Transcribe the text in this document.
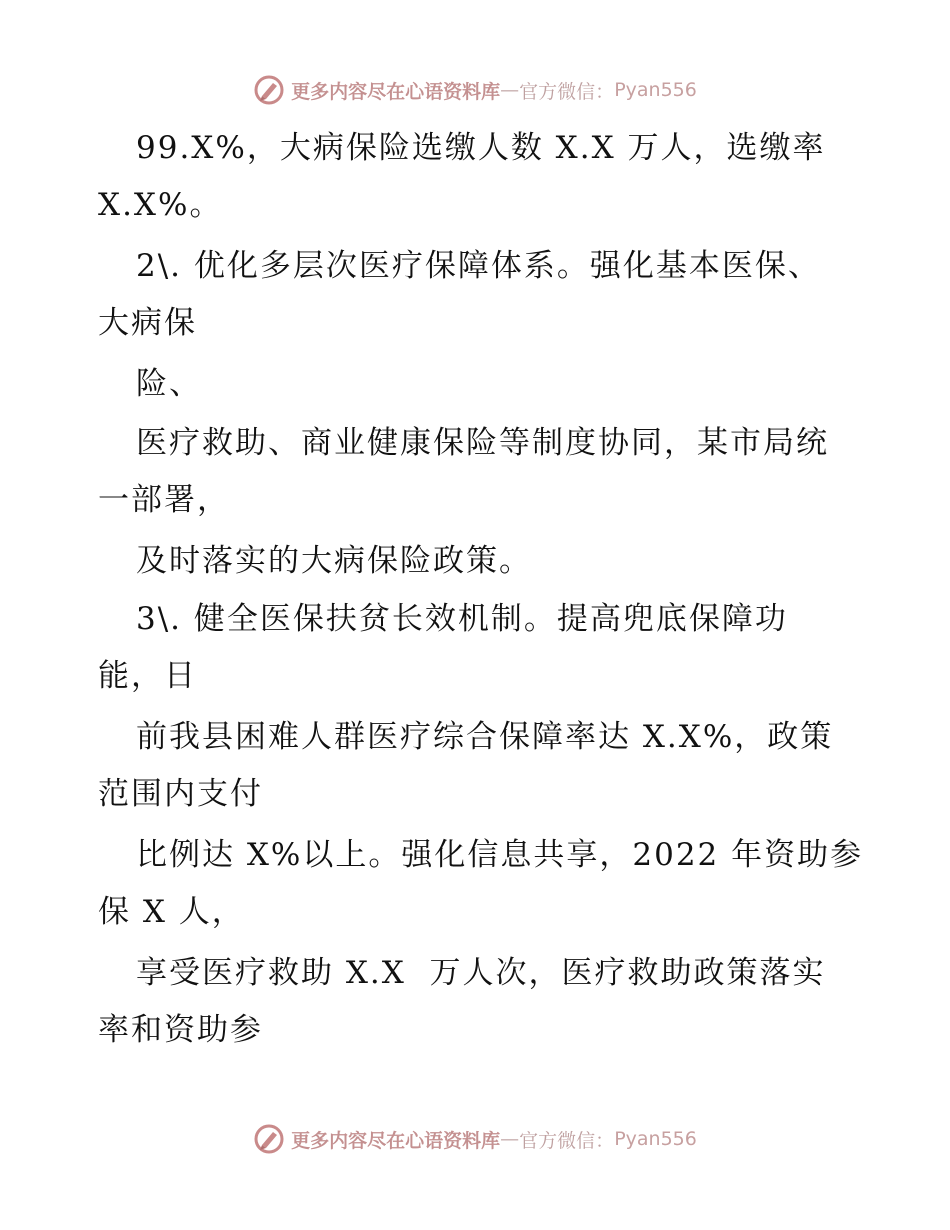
更多内容尽在心语资料库 — 官方微信： Pyan556
99.X%，大病保险选缴人数 X.X 万人，选缴率
X.X%。
2\. 优化多层次医疗保障体系。强化基本医保、
大病保
险、
医疗救助、商业健康保险等制度协同，某市局统
一部署，
及时落实的大病保险政策。
3\. 健全医保扶贫长效机制。提高兜底保障功
能，日
前我县困难人群医疗综合保障率达 X.X%，政策
范围内支付
比例达 X%以上。强化信息共享，2022 年资助参
保 X 人，
享受医疗救助 X.X  万人次，医疗救助政策落实
率和资助参
更多内容尽在心语资料库 — 官方微信： Pyan556
